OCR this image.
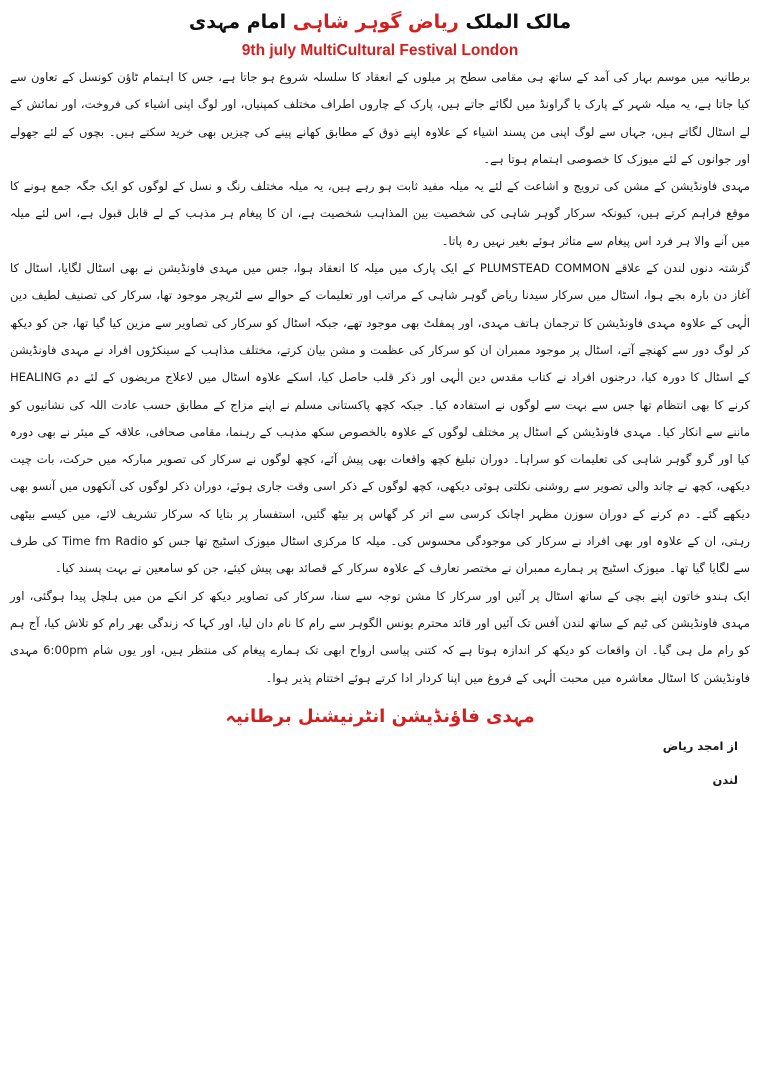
مالک الملک ریاض گوہر شاہی امام مہدی
9th july MultiCultural Festival London

برطانیہ میں موسم بہار کی آمد کے ساتھ ہی مقامی سطح پر میلوں کے انعقاد کا سلسلہ شروع ہو جاتا ہے، جس کا اہتمام ٹاؤن کونسل کے تعاون سے کیا جاتا ہے، یہ میلہ شہر کے پارک یا گراونڈ میں لگائے جاتے ہیں، پارک کے چاروں اطراف مختلف کمپنیاں، اور لوگ اپنی اشیاء کی فروخت، اور نمائش کے لے اسٹال لگاتے ہیں، جہاں سے لوگ اپنی من پسند اشیاء کے علاوہ اپنے ذوق کے مطابق کھانے پینے کی چیزیں بھی خرید سکتے ہیں۔ بچوں کے لئے جھولے اور جوانوں کے لئے میوزک کا خصوصی اہتمام ہوتا ہے۔

مہدی فاونڈیشن کے مشن کی ترویج و اشاعت کے لئے یہ میلہ مفید ثابت ہو رہے ہیں، یہ میلہ مختلف رنگ و نسل کے لوگوں کو ایک جگہ جمع ہونے کا موقع فراہم کرتے ہیں، کیونکہ سرکار گوہر شاہی کی شخصیت بین المذاہب شخصیت ہے، ان کا پیغام ہر مذہب کے لے قابل قبول ہے، اس لئے میلہ میں آنے والا ہر فرد اس پیغام سے متاثر ہوئے بغیر نہیں رہ پاتا۔

گزشتہ دنوں لندن کے علاقے PLUMSTEAD COMMON کے ایک پارک میں میلہ کا انعقاد ہوا، جس میں مہدی فاونڈیشن نے بھی اسٹال لگایا، اسٹال کا آغاز دن بارہ بجے ہوا، اسٹال میں سرکار سیدنا ریاض گوہر شاہی کے مراتب اور تعلیمات کے حوالے سے لٹریچر موجود تھا، سرکار کی تصنیف لطیف دین الٰہی کے علاوہ مہدی فاونڈیشن کا ترجمان ہاتف مہدی، اور پمفلٹ بھی موجود تھے، جبکہ اسٹال کو سرکار کی تصاویر سے مزین کیا گیا تھا، جن کو دیکھ کر لوگ دور سے کھنچے آتے، اسٹال پر موجود ممبران ان کو سرکار کی عظمت و مشن بیان کرتے، مختلف مذاہب کے سینکڑوں افراد نے مہدی فاونڈیشن کے اسٹال کا دورہ کیا، درجنوں افراد نے کتاب مقدس دین الٰہی اور ذکر قلب حاصل کیا، اسکے علاوہ اسٹال میں لاعلاج مریضوں کے لئے دم HEALING کرنے کا بھی انتظام تھا جس سے بہت سے لوگوں نے استفادہ کیا۔ جبکہ کچھ پاکستانی مسلم نے اپنے مزاج کے مطابق حسب عادت اللہ کی نشانیوں کو ماننے سے انکار کیا۔ مہدی فاونڈیشن کے اسٹال پر مختلف لوگوں کے علاوہ بالخصوص سکھ مذہب کے رہنما، مقامی صحافی، علاقہ کے میئر نے بھی دورہ کیا اور گرو گوہر شاہی کی تعلیمات کو سراہا۔ دوران تبلیغ کچھ واقعات بھی پیش آئے، کچھ لوگوں نے سرکار کی تصویر مبارکہ میں حرکت، بات چیت دیکھی، کچھ نے چاند والی تصویر سے روشنی نکلتی ہوئی دیکھی، کچھ لوگوں کے ذکر اسی وقت جاری ہوئے، دوران ذکر لوگوں کی آنکھوں میں آنسو بھی دیکھے گئے۔ دم کرنے کے دوران سوزن مظہر اچانک کرسی سے اتر کر گھاس پر بیٹھ گئیں، استفسار پر بتایا کہ سرکار تشریف لائے، میں کیسے بیٹھی رہتی، ان کے علاوہ اور بھی افراد نے سرکار کی موجودگی محسوس کی۔ میلہ کا مرکزی اسٹال میوزک اسٹیج تھا جس کو Time fm Radio کی طرف سے لگایا گیا تھا۔ میوزک اسٹیج پر ہمارے ممبران نے مختصر تعارف کے علاوہ سرکار کے قصائد بھی پیش کیئے، جن کو سامعین نے بہت پسند کیا۔

ایک ہندو خاتون اپنے بچی کے ساتھ اسٹال پر آئیں اور سرکار کا مشن توجہ سے سنا، سرکار کی تصاویر دیکھ کر انکے من میں ہلچل پیدا ہوگئی، اور مہدی فاونڈیشن کی ٹیم کے ساتھ لندن آفس تک آئیں اور قائد محترم یونس الگوہر سے رام کا نام دان لیا، اور کہا کہ زندگی بھر رام کو تلاش کیا، آج ہم کو رام مل ہی گیا۔ ان واقعات کو دیکھ کر اندازہ ہوتا ہے کہ کتنی پیاسی ارواح ابھی تک ہمارے پیغام کی منتظر ہیں، اور یوں شام 6:00pm مہدی فاونڈیشن کا اسٹال معاشرہ میں محبت الٰہی کے فروغ میں اپنا کردار ادا کرتے ہوئے اختتام پذیر ہوا۔

مہدی فاؤنڈیشن انٹرنیشنل برطانیہ
از امجد ریاض
لندن
